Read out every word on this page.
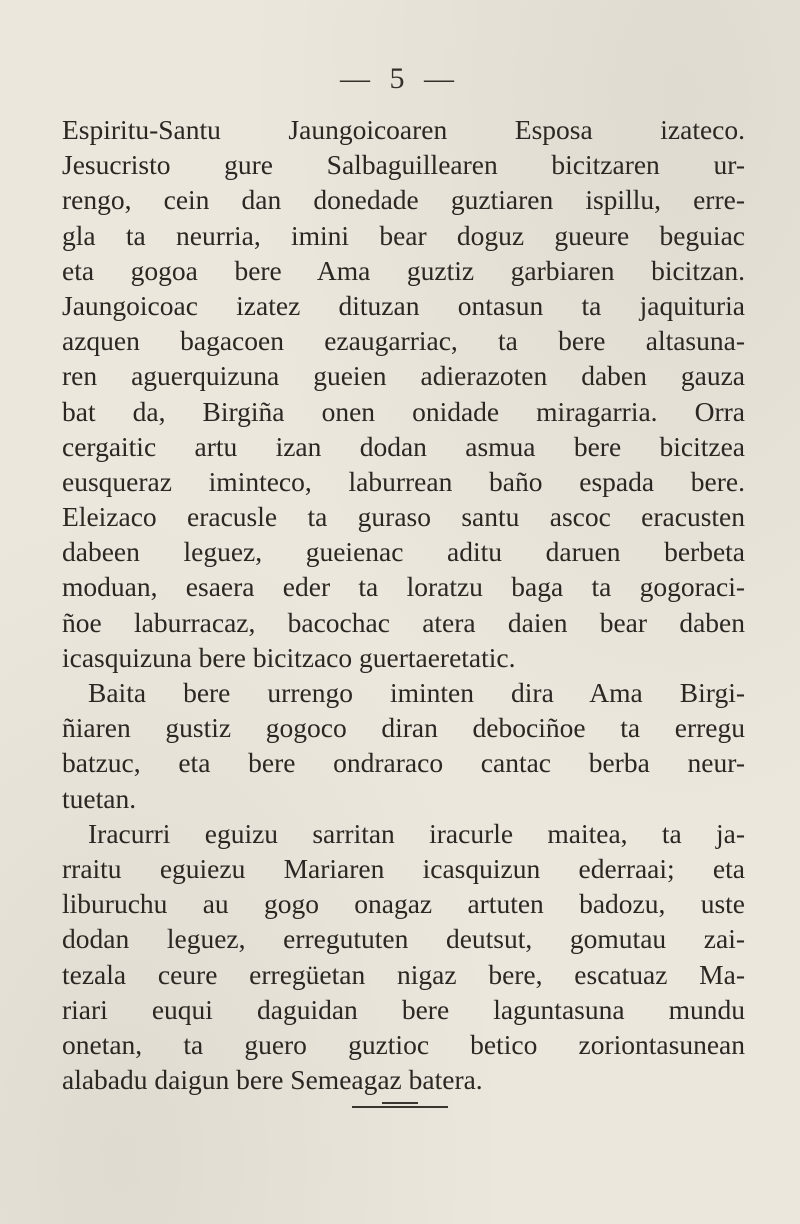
— 5 —
Espiritu-Santu Jaungoicoaren Esposa izateco.
Jesucristo gure Salbaguillearen bicitzaren ur-
rengo, cein dan donedade guztiaren ispillu, erre-
gla ta neurria, imini bear doguz gueure beguiac
eta gogoa bere Ama guztiz garbiaren bicitzan.
Jaungoicoac izatez dituzan ontasun ta jaquituria
azquen bagacoen ezaugarriac, ta bere altasuna-
ren aguerquizuna gueien adierazoten daben gauza
bat da, Birgiña onen onidade miragarria. Orra
cergaitic artu izan dodan asmua bere bicitzea
eusqueraz iminteco, laburrean baño espada bere.
Eleizaco eracusle ta guraso santu ascoc eracusten
dabeen leguez, gueienac aditu daruen berbeta
moduan, esaera eder ta loratzu baga ta gogoraci-
ñoe laburracaz, bacochac atera daien bear daben
icasquizuna bere bicitzaco guertaeretatic.
Baita bere urrengo iminten dira Ama Birgi-
ñiaren gustiz gogoco diran debociñoe ta erregu
batzuc, eta bere ondraraco cantac berba neur-
tuetan.
Iracurri eguizu sarritan iracurle maitea, ta ja-
rraitu eguiezu Mariaren icasquizun ederraai; eta
liburuchu au gogo onagaz artuten badozu, uste
dodan leguez, erregututen deutsut, gomutau zai-
tezala ceure erregüetan nigaz bere, escatuaz Ma-
riari euqui daguidan bere laguntasuna mundu
onetan, ta guero guztioc betico zoriontasunean
alabadu daigun bere Semeagaz batera.
